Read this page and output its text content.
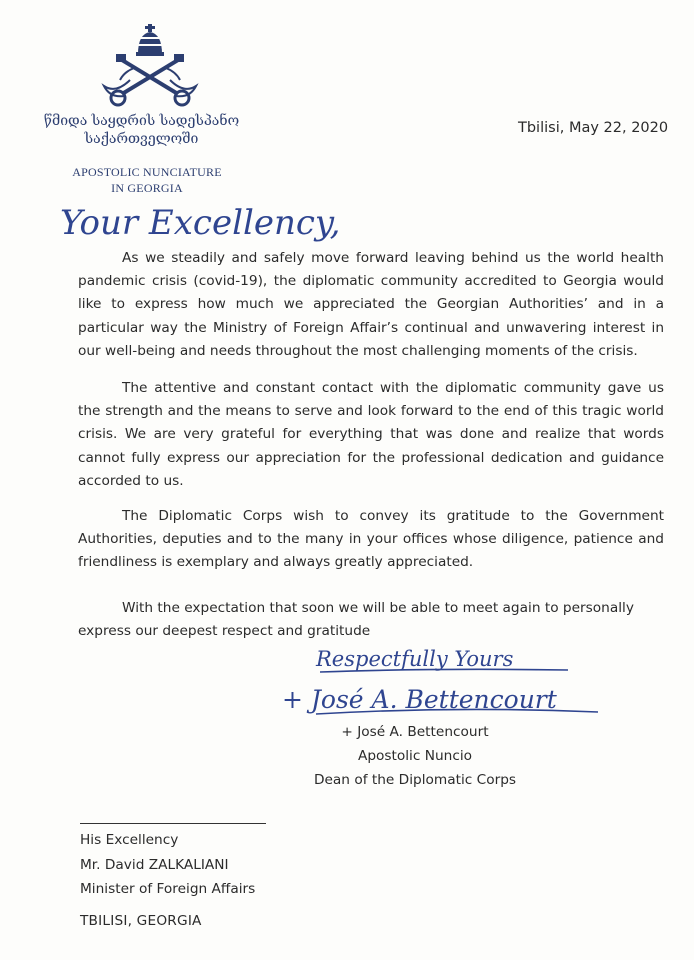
წმიდა საყდრის სადესპანო
საქართველოში
APOSTOLIC NUNCIATURE
IN GEORGIA
Tbilisi, May 22, 2020
Your Excellency,

As we steadily and safely move forward leaving behind us the world health pandemic crisis (covid-19), the diplomatic community accredited to Georgia would like to express how much we appreciated the Georgian Authorities’ and in a particular way the Ministry of Foreign Affair’s continual and unwavering interest in our well-being and needs throughout the most challenging moments of the crisis.

The attentive and constant contact with the diplomatic community gave us the strength and the means to serve and look forward to the end of this tragic world crisis. We are very grateful for everything that was done and realize that words cannot fully express our appreciation for the professional dedication and guidance accorded to us.

The Diplomatic Corps wish to convey its gratitude to the Government Authorities, deputies and to the many in your offices whose diligence, patience and friendliness is exemplary and always greatly appreciated.

With the expectation that soon we will be able to meet again to personally express our deepest respect and gratitude

Respectfully Yours
+ José A. Bettencourt
+ José A. Bettencourt
Apostolic Nuncio
Dean of the Diplomatic Corps
His Excellency
Mr. David ZALKALIANI
Minister of Foreign Affairs
TBILISI, GEORGIA
